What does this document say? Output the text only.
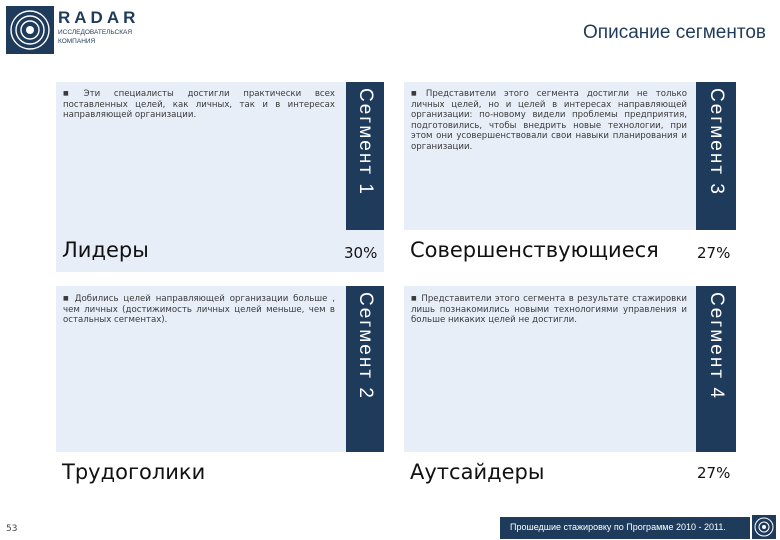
RADAR
ИССЛЕДОВАТЕЛЬСКАЯ КОМПАНИЯ	Описание сегментов
■ Эти специалисты достигли практически всех поставленных целей, как личных, так и в интересах направляющей организации.	Сегмент 1
Лидеры	30%
■ Представители этого сегмента достигли не только личных целей, но и целей в интересах направляющей организации: по-новому видели проблемы предприятия, подготовились, чтобы внедрить новые технологии, при этом они усовершенствовали свои навыки планирования и организации.	Сегмент 3
Совершенствующиеся	27%
■ Добились целей направляющей организации больше , чем личных (достижимость личных целей меньше, чем в остальных сегментах).	Сегмент 2
Трудоголики
■ Представители этого сегмента в результате стажировки лишь познакомились новыми технологиями управления и больше никаких целей не достигли.	Сегмент 4
Аутсайдеры	27%
53	Прошедшие стажировку по Программе 2010 - 2011.
